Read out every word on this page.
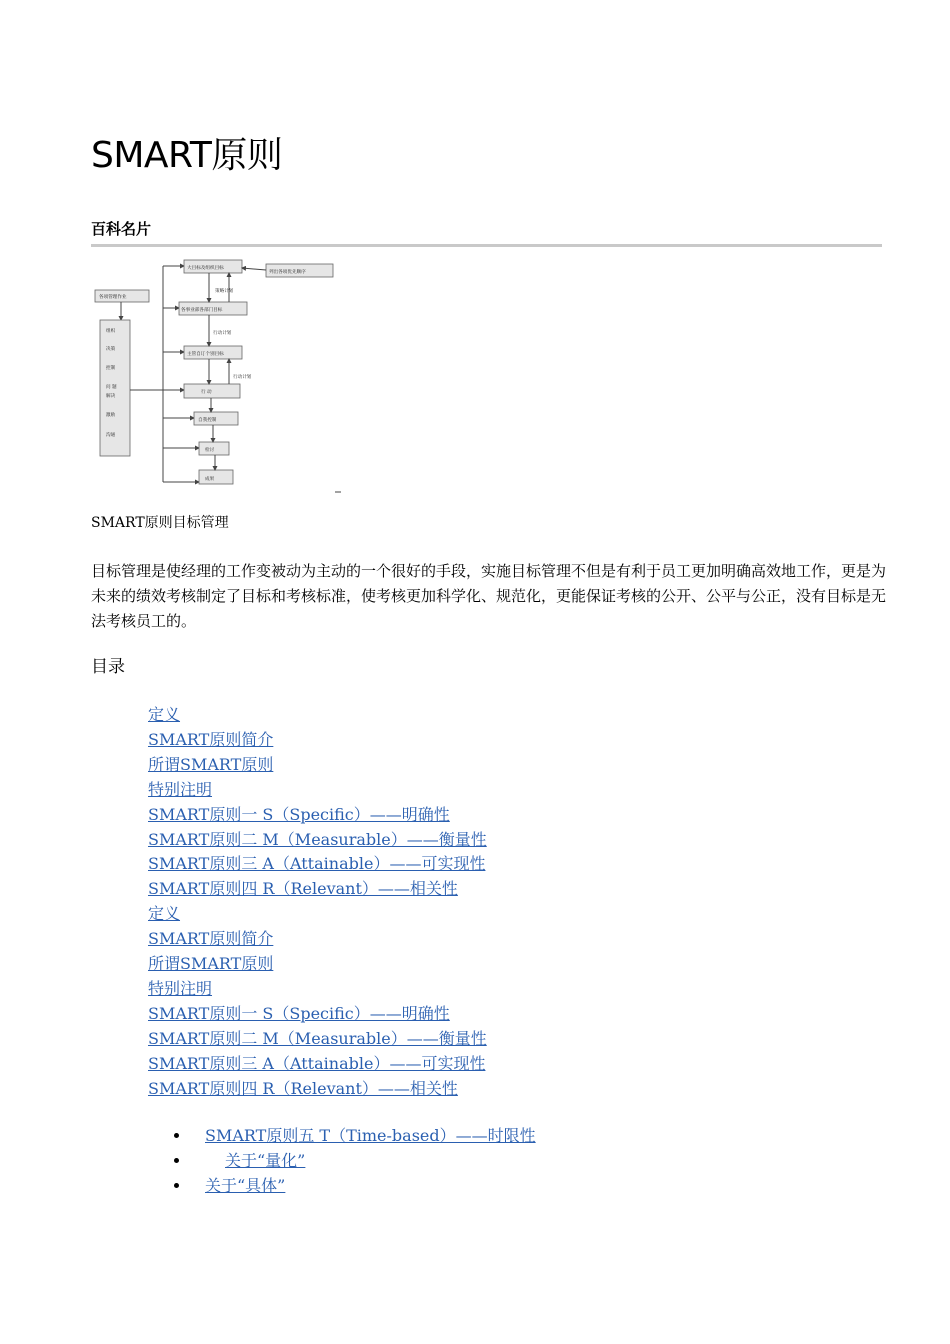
SMART原则
百科名片
各项管理作业
组织
决策
控制
问 题
解决
激励
沟通
大目标及组织目标
各事业部各部门目标
主管自订个别目标
行 动
自我控制
检讨
成果
策略计划
行动计划
行动计划
列出各项优先顺序
SMART原则目标管理

目标管理是使经理的工作变被动为主动的一个很好的手段，实施目标管理不但是有利于员工更加明确高效地工作，更是为未来的绩效考核制定了目标和考核标准，使考核更加科学化、规范化，更能保证考核的公开、公平与公正，没有目标是无法考核员工的。

目录
定义
SMART原则简介
所谓SMART原则
特别注明
SMART原则一 S（Specific）——明确性
SMART原则二 M（Measurable）——衡量性
SMART原则三 A（Attainable）——可实现性
SMART原则四 R（Relevant）——相关性
定义
SMART原则简介
所谓SMART原则
特别注明
SMART原则一 S（Specific）——明确性
SMART原则二 M（Measurable）——衡量性
SMART原则三 A（Attainable）——可实现性
SMART原则四 R（Relevant）——相关性
SMART原则五 T（Time-based）——时限性
关于“量化”
关于“具体”
